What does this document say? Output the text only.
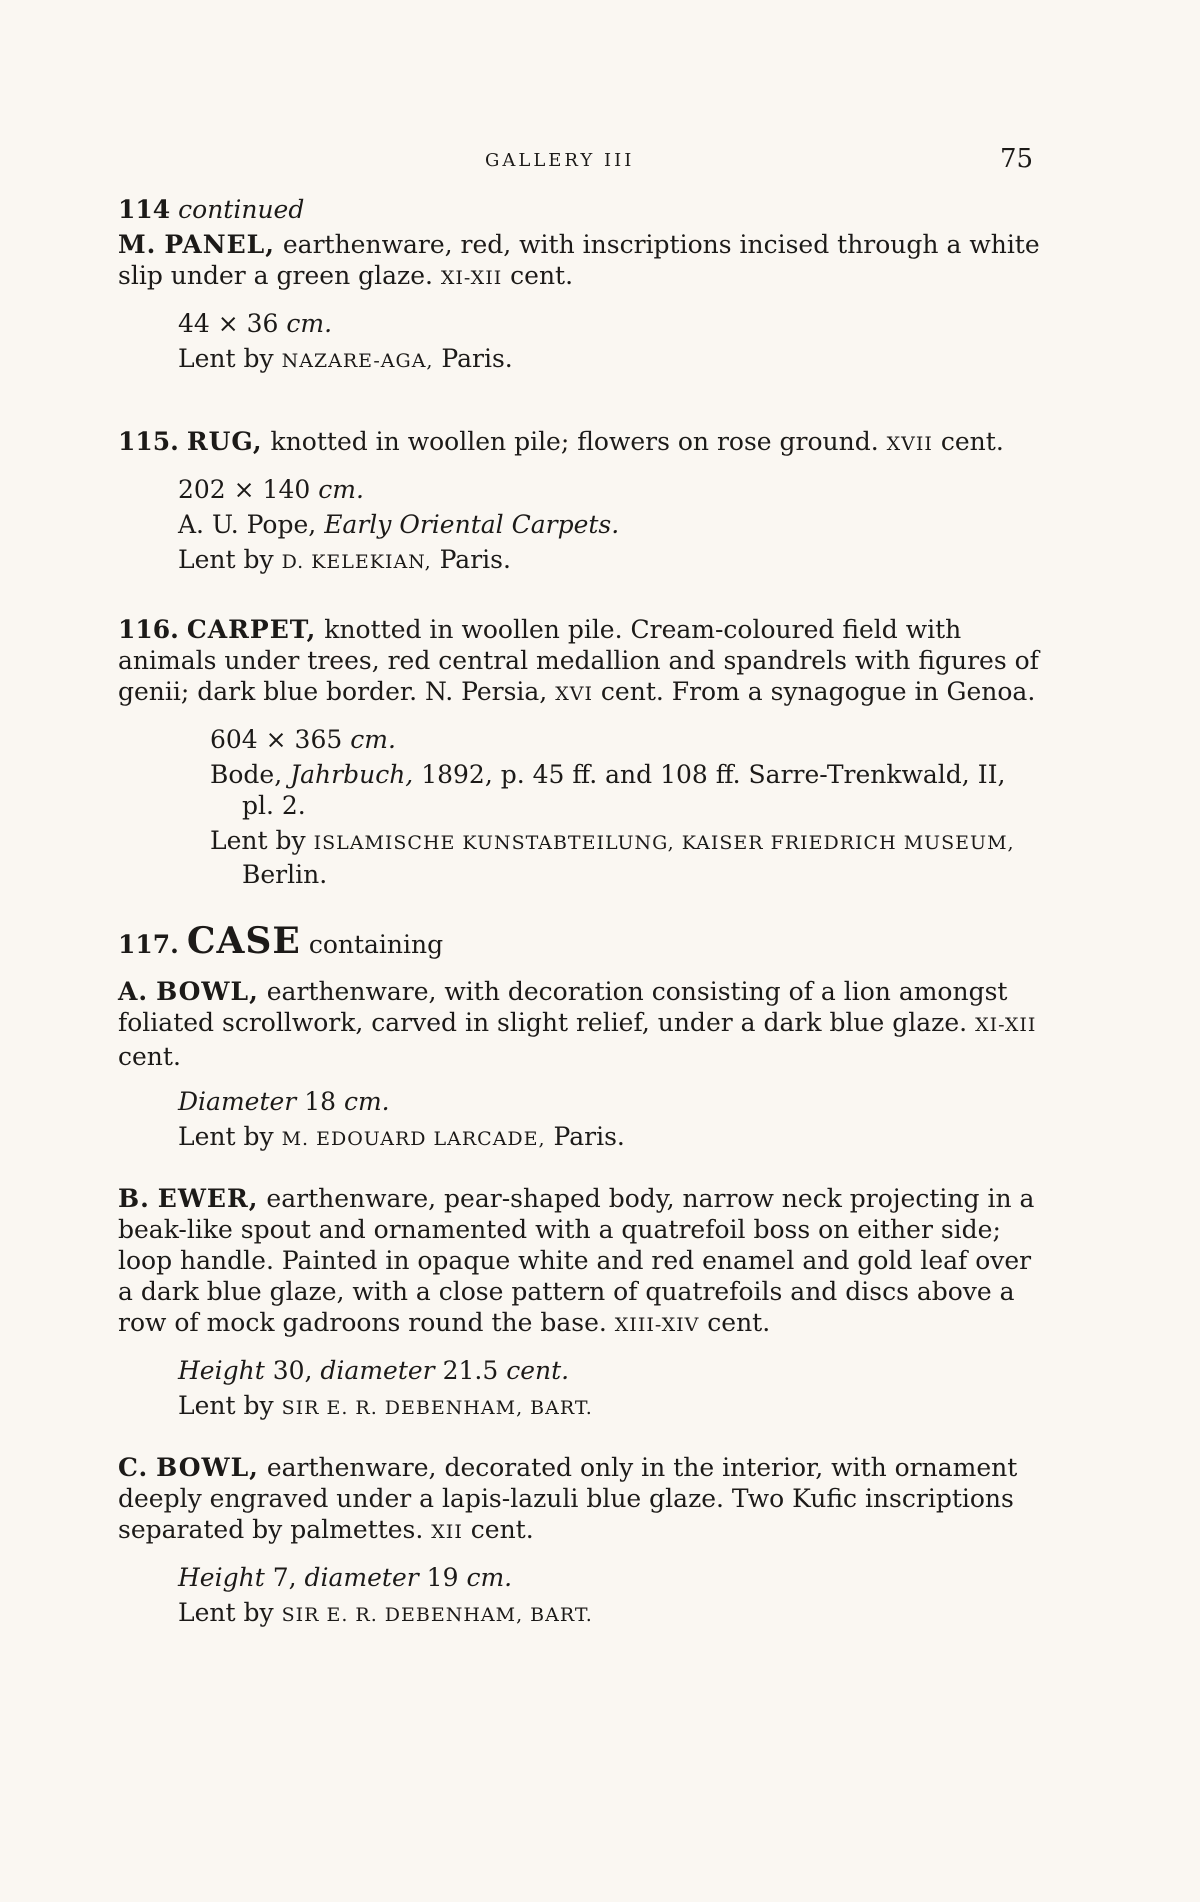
GALLERY III	75

114 continued

M. PANEL, earthenware, red, with inscriptions incised through a white slip under a green glaze. XI-XII cent.

44 × 36 cm.

Lent by NAZARE-AGA, Paris.

115. RUG, knotted in woollen pile; flowers on rose ground. XVII cent.

202 × 140 cm.

A. U. Pope, Early Oriental Carpets.

Lent by D. KELEKIAN, Paris.

116. CARPET, knotted in woollen pile. Cream-coloured field with animals under trees, red central medallion and spandrels with figures of genii; dark blue border. N. Persia, XVI cent. From a synagogue in Genoa.

604 × 365 cm.

Bode, Jahrbuch, 1892, p. 45 ff. and 108 ff. Sarre-Trenkwald, II, pl. 2.

Lent by ISLAMISCHE KUNSTABTEILUNG, KAISER FRIEDRICH MUSEUM, Berlin.

117. CASE containing

A. BOWL, earthenware, with decoration consisting of a lion amongst foliated scrollwork, carved in slight relief, under a dark blue glaze. XI-XII cent.

Diameter 18 cm.

Lent by M. EDOUARD LARCADE, Paris.

B. EWER, earthenware, pear-shaped body, narrow neck projecting in a beak-like spout and ornamented with a quatrefoil boss on either side; loop handle. Painted in opaque white and red enamel and gold leaf over a dark blue glaze, with a close pattern of quatrefoils and discs above a row of mock gadroons round the base. XIII-XIV cent.

Height 30, diameter 21.5 cent.

Lent by SIR E. R. DEBENHAM, BART.

C. BOWL, earthenware, decorated only in the interior, with ornament deeply engraved under a lapis-lazuli blue glaze. Two Kufic inscriptions separated by palmettes. XII cent.

Height 7, diameter 19 cm.

Lent by SIR E. R. DEBENHAM, BART.
